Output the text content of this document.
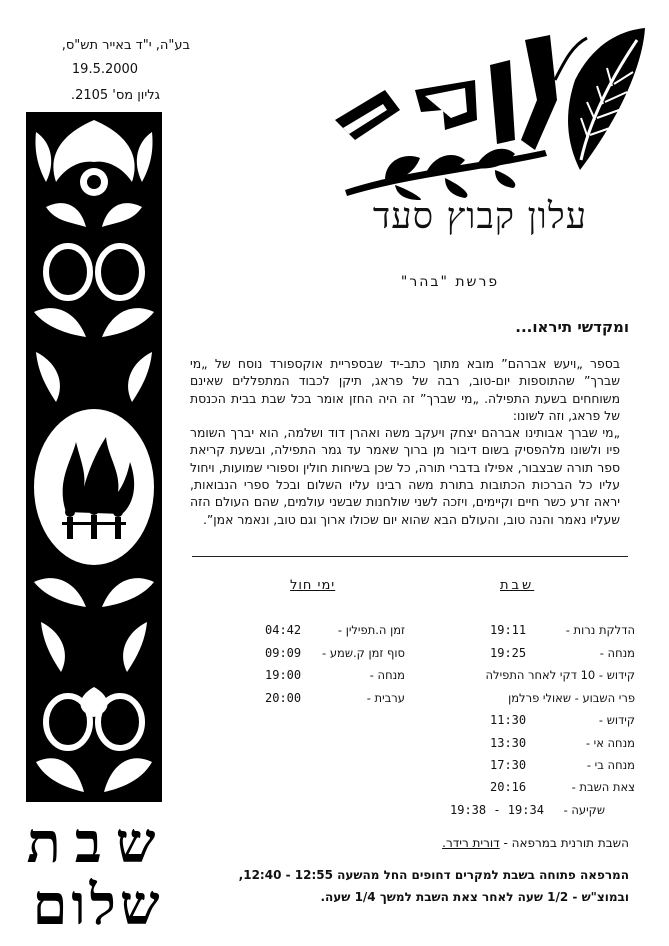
בע"ה, י"ד באייר תש"ס,
19.5.2000
גליון מס' 2105.
שבת
שלום
עלון קבוץ סעד
פרשת "בהר"
ומקדשי תיראו...

בספר „ויעש אברהם” מובא מתוך כתב-יד שבספריית אוקספורד נוסח של „מי שברך” שהתוספות יום-טוב, רבה של פראג, תיקן לכבוד המתפללים שאינם משוחחים בשעת התפילה. „מי שברך” זה היה החזן אומר בכל שבת בבית הכנסת של פראג, וזה לשונו:

„מי שברך אבותינו אברהם יצחק ויעקב משה ואהרן דוד ושלמה, הוא יברך השומר פיו ולשונו מלהפסיק בשום דיבור מן ברוך שאמר עד גמר התפילה, ובשעת קריאת ספר תורה שבצבור, אפילו בדברי תורה, כל שכן בשיחות חולין וספורי שמועות, ויחול עליו כל הברכות הכתובות בתורת משה רבינו עליו השלום ובכל ספרי הנבואות, יראה זרע כשר חיים וקיימים, ויזכה לשני שולחנות שבשני עולמים, שהם העולם הזה שעליו נאמר והנה טוב, והעולם הבא שהוא יום שכולו ארוך וגם טוב, ונאמר אמן”.

שבת
הדלקת נרות -
19:11
מנחה -
19:25
קידוש - 10 דקי לאחר התפילה
פרי השבוע - שאולי פרלמן
קידוש -
11:30
מנחה אי -
13:30
מנחה בי -
17:30
צאת השבת -
20:16
שקיעה -
19:38 - 19:34
ימי חול
זמן ה.תפילין -
04:42
סוף זמן ק.שמע -
09:09
מנחה -
19:00
ערבית -
20:00
השבת תורנית במרפאה - דורית רידר.
המרפאה פתוחה בשבת למקרים דחופים החל מהשעה 12:55 - 12:40, ובמוצ"ש - 1/2 שעה לאחר צאת השבת למשך 1/4 שעה.
